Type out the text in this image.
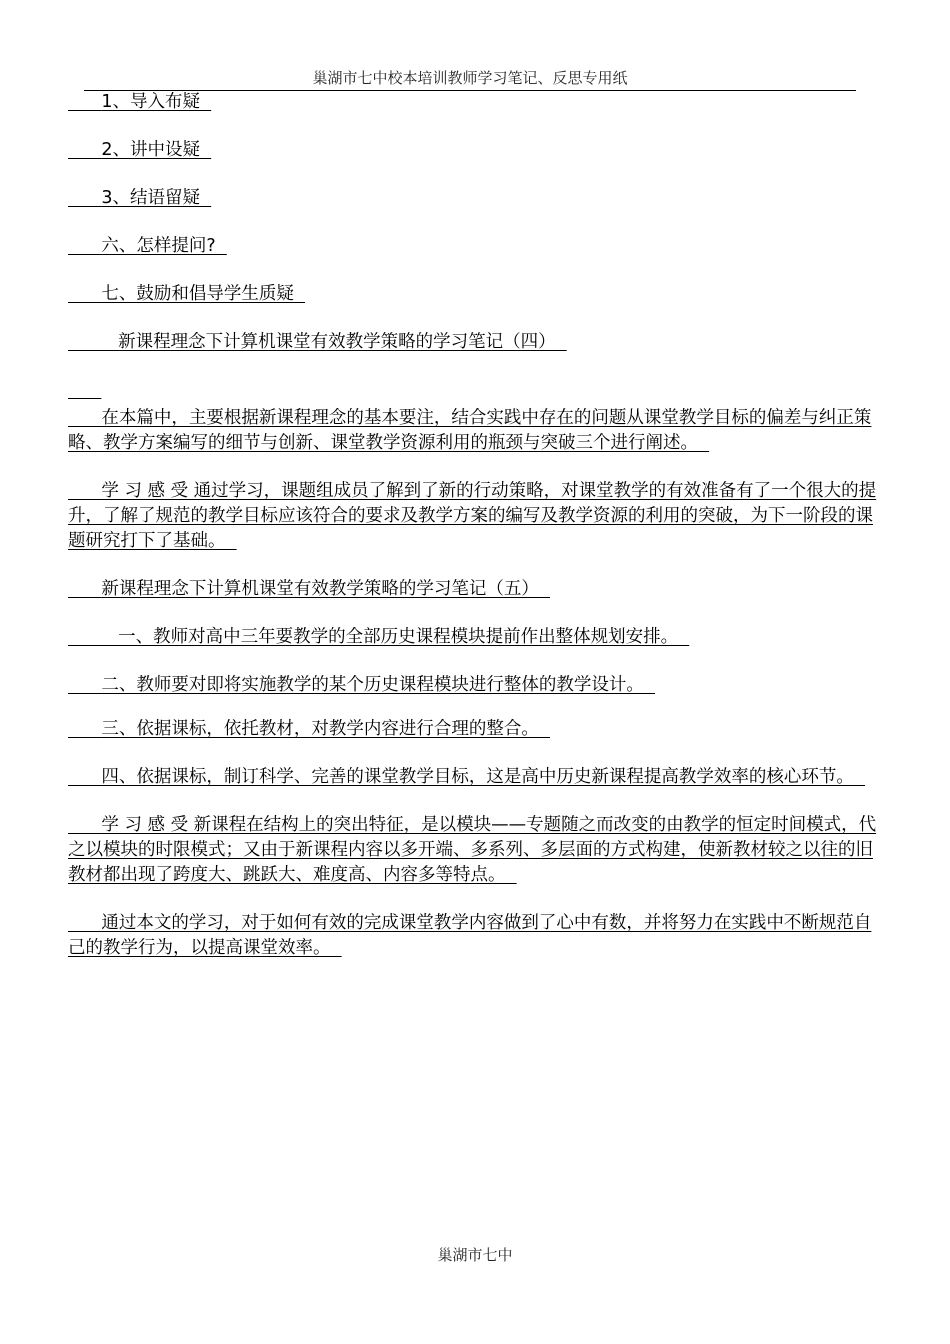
巢湖市七中校本培训教师学习笔记、反思专用纸

1、导入布疑

2、讲中设疑

3、结语留疑

六、怎样提问?

七、鼓励和倡导学生质疑

新课程理念下计算机课堂有效教学策略的学习笔记（四）

在本篇中，主要根据新课程理念的基本要注，结合实践中存在的问题从课堂教学目标的偏差与纠正策略、教学方案编写的细节与创新、课堂教学资源利用的瓶颈与突破三个进行阐述。

学 习 感 受 通过学习，课题组成员了解到了新的行动策略，对课堂教学的有效准备有了一个很大的提升，了解了规范的教学目标应该符合的要求及教学方案的编写及教学资源的利用的突破，为下一阶段的课题研究打下了基础。

新课程理念下计算机课堂有效教学策略的学习笔记（五）

一、教师对高中三年要教学的全部历史课程模块提前作出整体规划安排。

二、教师要对即将实施教学的某个历史课程模块进行整体的教学设计。

三、依据课标，依托教材，对教学内容进行合理的整合。

四、依据课标，制订科学、完善的课堂教学目标，这是高中历史新课程提高教学效率的核心环节。

学 习 感 受 新课程在结构上的突出特征，是以模块——专题随之而改变的由教学的恒定时间模式，代之以模块的时限模式；又由于新课程内容以多开端、多系列、多层面的方式构建，使新教材较之以往的旧教材都出现了跨度大、跳跃大、难度高、内容多等特点。

通过本文的学习，对于如何有效的完成课堂教学内容做到了心中有数，并将努力在实践中不断规范自己的教学行为，以提高课堂效率。

巢湖市七中
